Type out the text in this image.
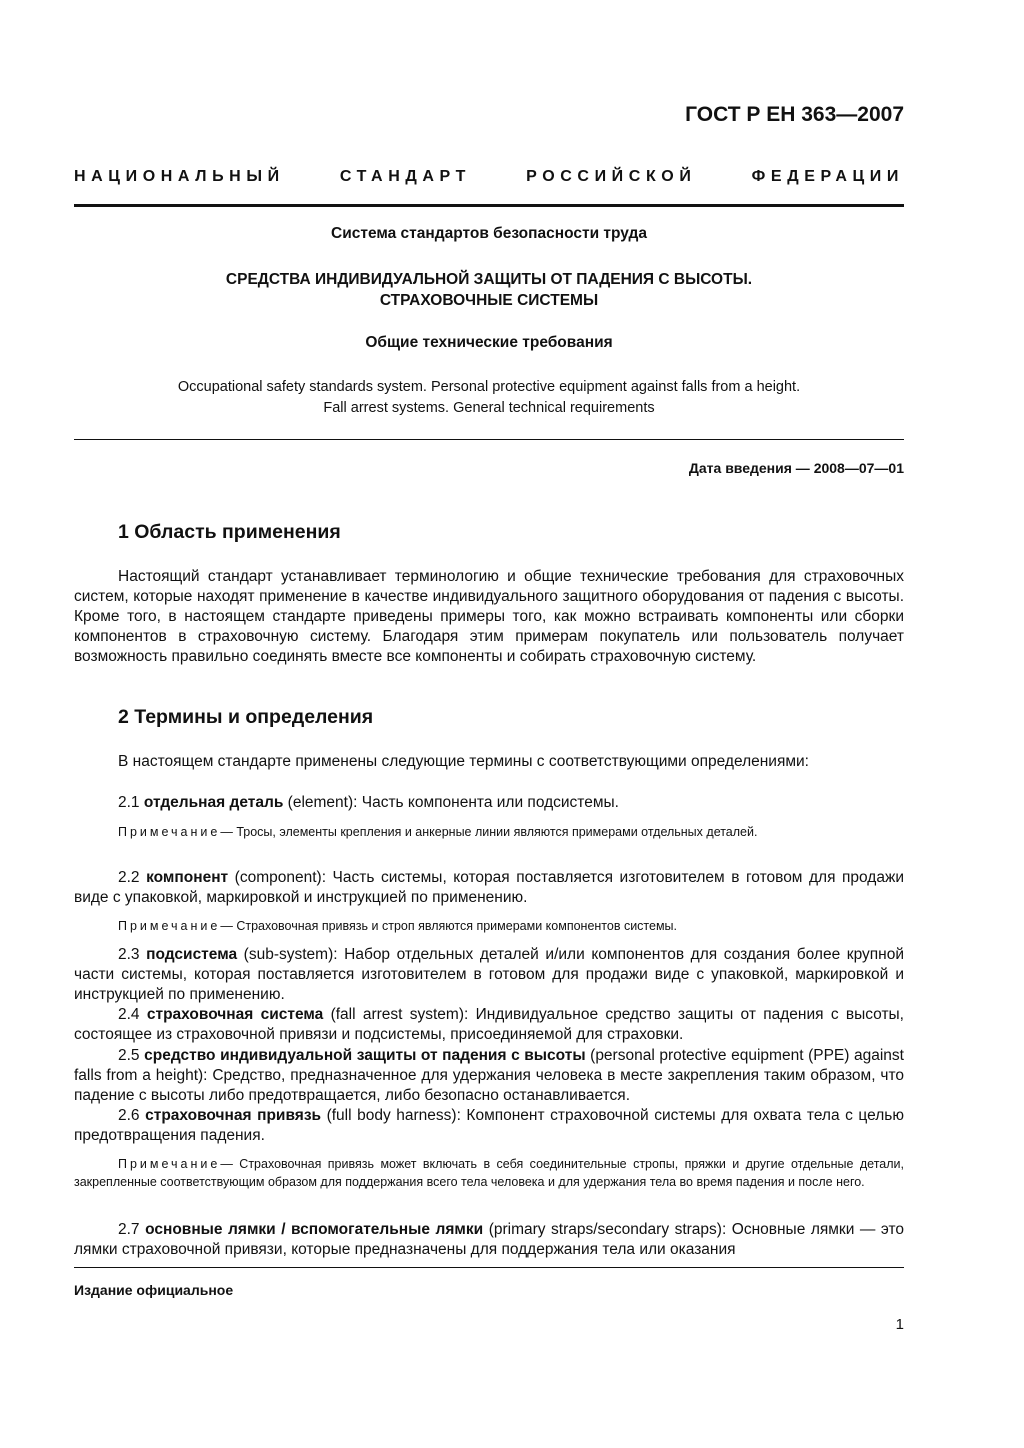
ГОСТ Р ЕН 363—2007
НАЦИОНАЛЬНЫЙ	СТАНДАРТ	РОССИЙСКОЙ	ФЕДЕРАЦИИ
Система стандартов безопасности труда
СРЕДСТВА ИНДИВИДУАЛЬНОЙ ЗАЩИТЫ ОТ ПАДЕНИЯ С ВЫСОТЫ.
СТРАХОВОЧНЫЕ СИСТЕМЫ
Общие технические требования
Occupational safety standards system. Personal protective equipment against falls from a height.
Fall arrest systems. General technical requirements
Дата введения — 2008—07—01
1 Область применения
Настоящий стандарт устанавливает терминологию и общие технические требования для страховочных систем, которые находят применение в качестве индивидуального защитного оборудования от падения с высоты. Кроме того, в настоящем стандарте приведены примеры того, как можно встраивать компоненты или сборки компонентов в страховочную систему. Благодаря этим примерам покупатель или пользователь получает возможность правильно соединять вместе все компоненты и собирать страховочную систему.
2 Термины и определения
В настоящем стандарте применены следующие термины с соответствующими определениями:
2.1 отдельная деталь (element): Часть компонента или подсистемы.
Примечание— Тросы, элементы крепления и анкерные линии являются примерами отдельных деталей.
2.2 компонент (component): Часть системы, которая поставляется изготовителем в готовом для продажи виде с упаковкой, маркировкой и инструкцией по применению.
Примечание— Страховочная привязь и строп являются примерами компонентов системы.
2.3 подсистема (sub-system): Набор отдельных деталей и/или компонентов для создания более крупной части системы, которая поставляется изготовителем в готовом для продажи виде с упаковкой, маркировкой и инструкцией по применению.
2.4 страховочная система (fall arrest system): Индивидуальное средство защиты от падения с высоты, состоящее из страховочной привязи и подсистемы, присоединяемой для страховки.
2.5 средство индивидуальной защиты от падения с высоты (personal protective equipment (PPE) against falls from a height): Средство, предназначенное для удержания человека в месте закрепления таким образом, что падение с высоты либо предотвращается, либо безопасно останавливается.
2.6 страховочная привязь (full body harness): Компонент страховочной системы для охвата тела с целью предотвращения падения.
Примечание— Страховочная привязь может включать в себя соединительные стропы, пряжки и другие отдельные детали, закрепленные соответствующим образом для поддержания всего тела человека и для удержания тела во время падения и после него.
2.7 основные лямки / вспомогательные лямки (primary straps/secondary straps): Основные лямки — это лямки страховочной привязи, которые предназначены для поддержания тела или оказания
Издание официальное
1
